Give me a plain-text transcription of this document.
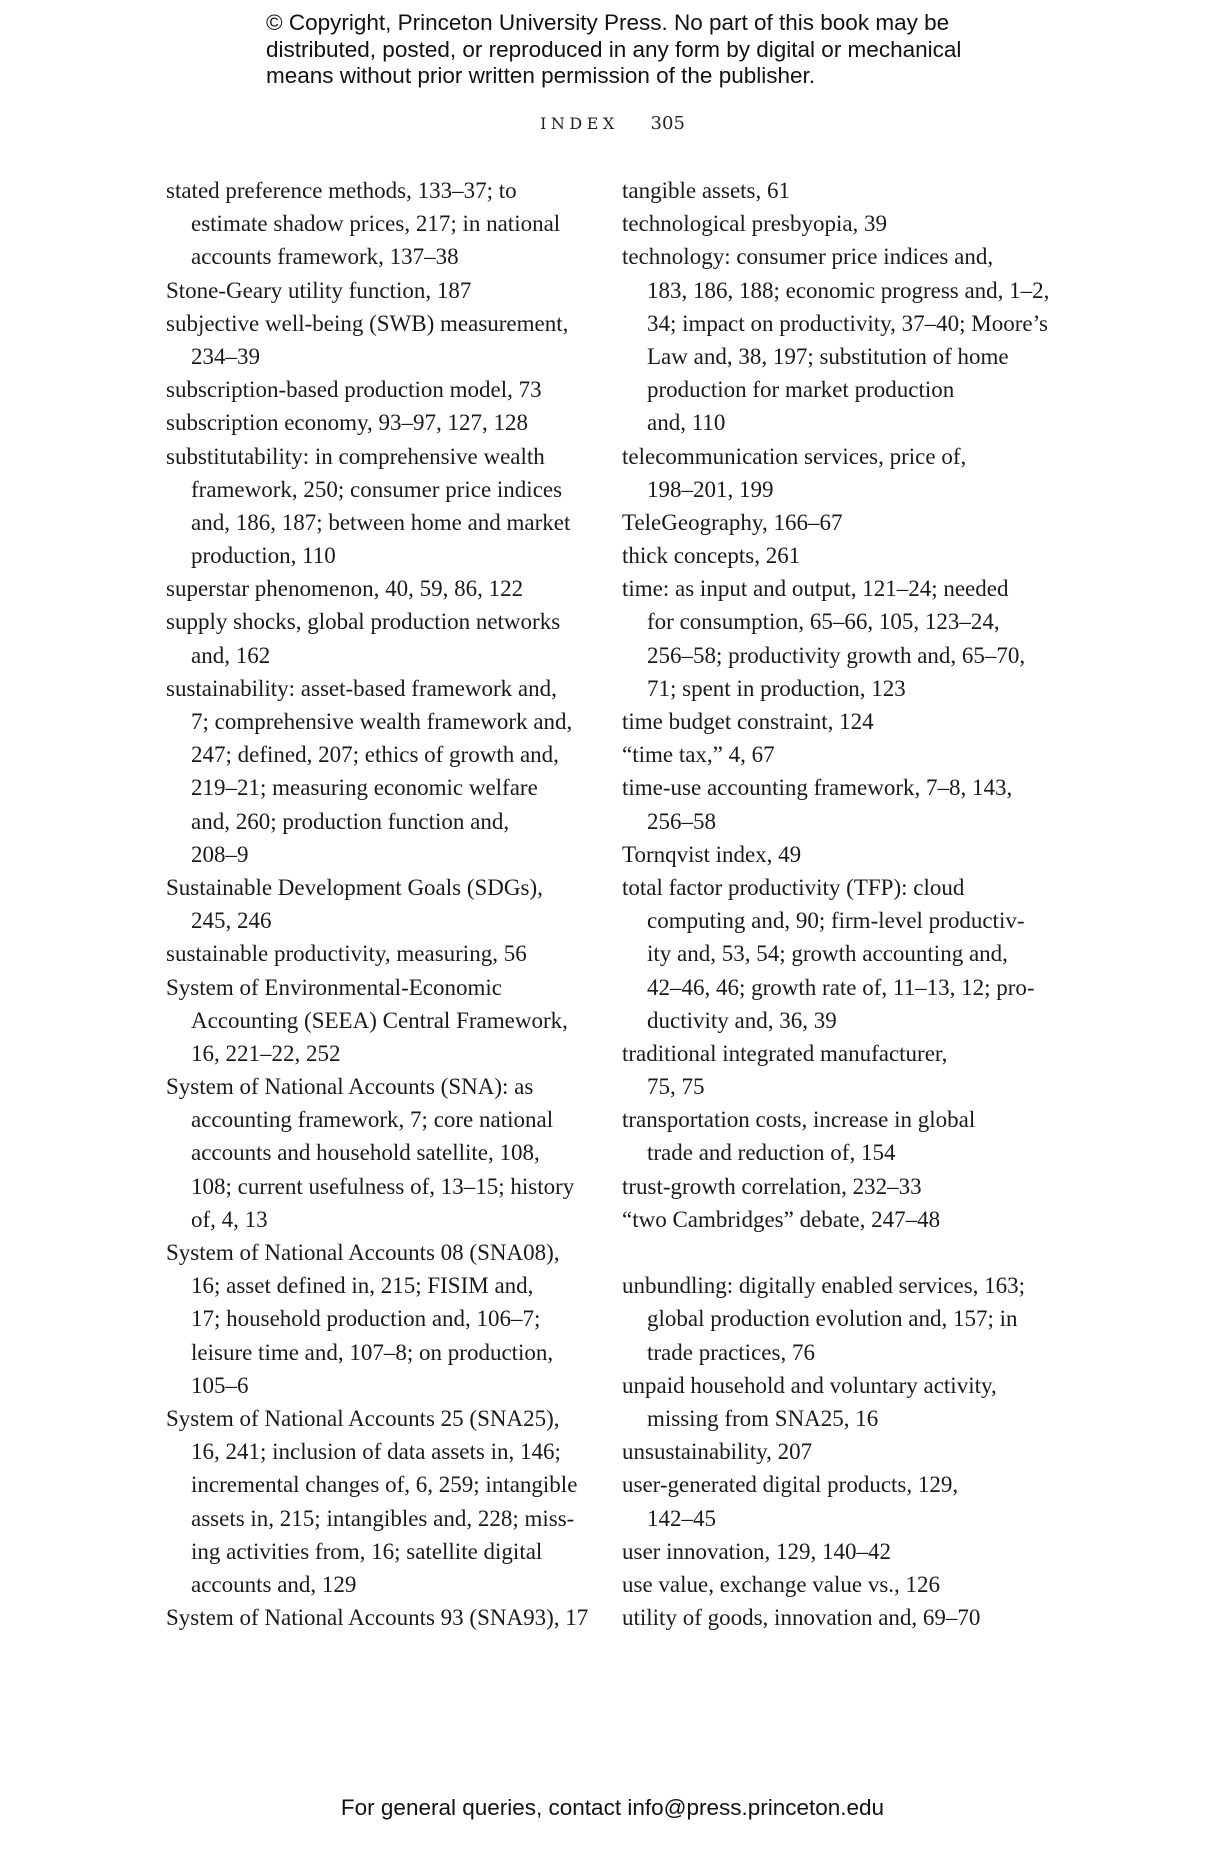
© Copyright, Princeton University Press. No part of this book may be
distributed, posted, or reproduced in any form by digital or mechanical
means without prior written permission of the publisher.
INDEX 305
stated preference methods, 133–37; to
estimate shadow prices, 217; in national
accounts framework, 137–38
Stone-Geary utility function, 187
subjective well-being (SWB) measurement,
234–39
subscription-based production model, 73
subscription economy, 93–97, 127, 128
substitutability: in comprehensive wealth
framework, 250; consumer price indices
and, 186, 187; between home and market
production, 110
superstar phenomenon, 40, 59, 86, 122
supply shocks, global production networks
and, 162
sustainability: asset-based framework and,
7; comprehensive wealth framework and,
247; defined, 207; ethics of growth and,
219–21; measuring economic welfare
and, 260; production function and,
208–9
Sustainable Development Goals (SDGs),
245, 246
sustainable productivity, measuring, 56
System of Environmental-Economic
Accounting (SEEA) Central Framework,
16, 221–22, 252
System of National Accounts (SNA): as
accounting framework, 7; core national
accounts and household satellite, 108,
108; current usefulness of, 13–15; history
of, 4, 13
System of National Accounts 08 (SNA08),
16; asset defined in, 215; FISIM and,
17; household production and, 106–7;
leisure time and, 107–8; on production,
105–6
System of National Accounts 25 (SNA25),
16, 241; inclusion of data assets in, 146;
incremental changes of, 6, 259; intangible
assets in, 215; intangibles and, 228; miss-
ing activities from, 16; satellite digital
accounts and, 129
System of National Accounts 93 (SNA93), 17
tangible assets, 61
technological presbyopia, 39
technology: consumer price indices and,
183, 186, 188; economic progress and, 1–2,
34; impact on productivity, 37–40; Moore’s
Law and, 38, 197; substitution of home
production for market production
and, 110
telecommunication services, price of,
198–201, 199
TeleGeography, 166–67
thick concepts, 261
time: as input and output, 121–24; needed
for consumption, 65–66, 105, 123–24,
256–58; productivity growth and, 65–70,
71; spent in production, 123
time budget constraint, 124
“time tax,” 4, 67
time-use accounting framework, 7–8, 143,
256–58
Tornqvist index, 49
total factor productivity (TFP): cloud
computing and, 90; firm-level productiv-
ity and, 53, 54; growth accounting and,
42–46, 46; growth rate of, 11–13, 12; pro-
ductivity and, 36, 39
traditional integrated manufacturer,
75, 75
transportation costs, increase in global
trade and reduction of, 154
trust-growth correlation, 232–33
“two Cambridges” debate, 247–48
unbundling: digitally enabled services, 163;
global production evolution and, 157; in
trade practices, 76
unpaid household and voluntary activity,
missing from SNA25, 16
unsustainability, 207
user-generated digital products, 129,
142–45
user innovation, 129, 140–42
use value, exchange value vs., 126
utility of goods, innovation and, 69–70
For general queries, contact info@press.princeton.edu
